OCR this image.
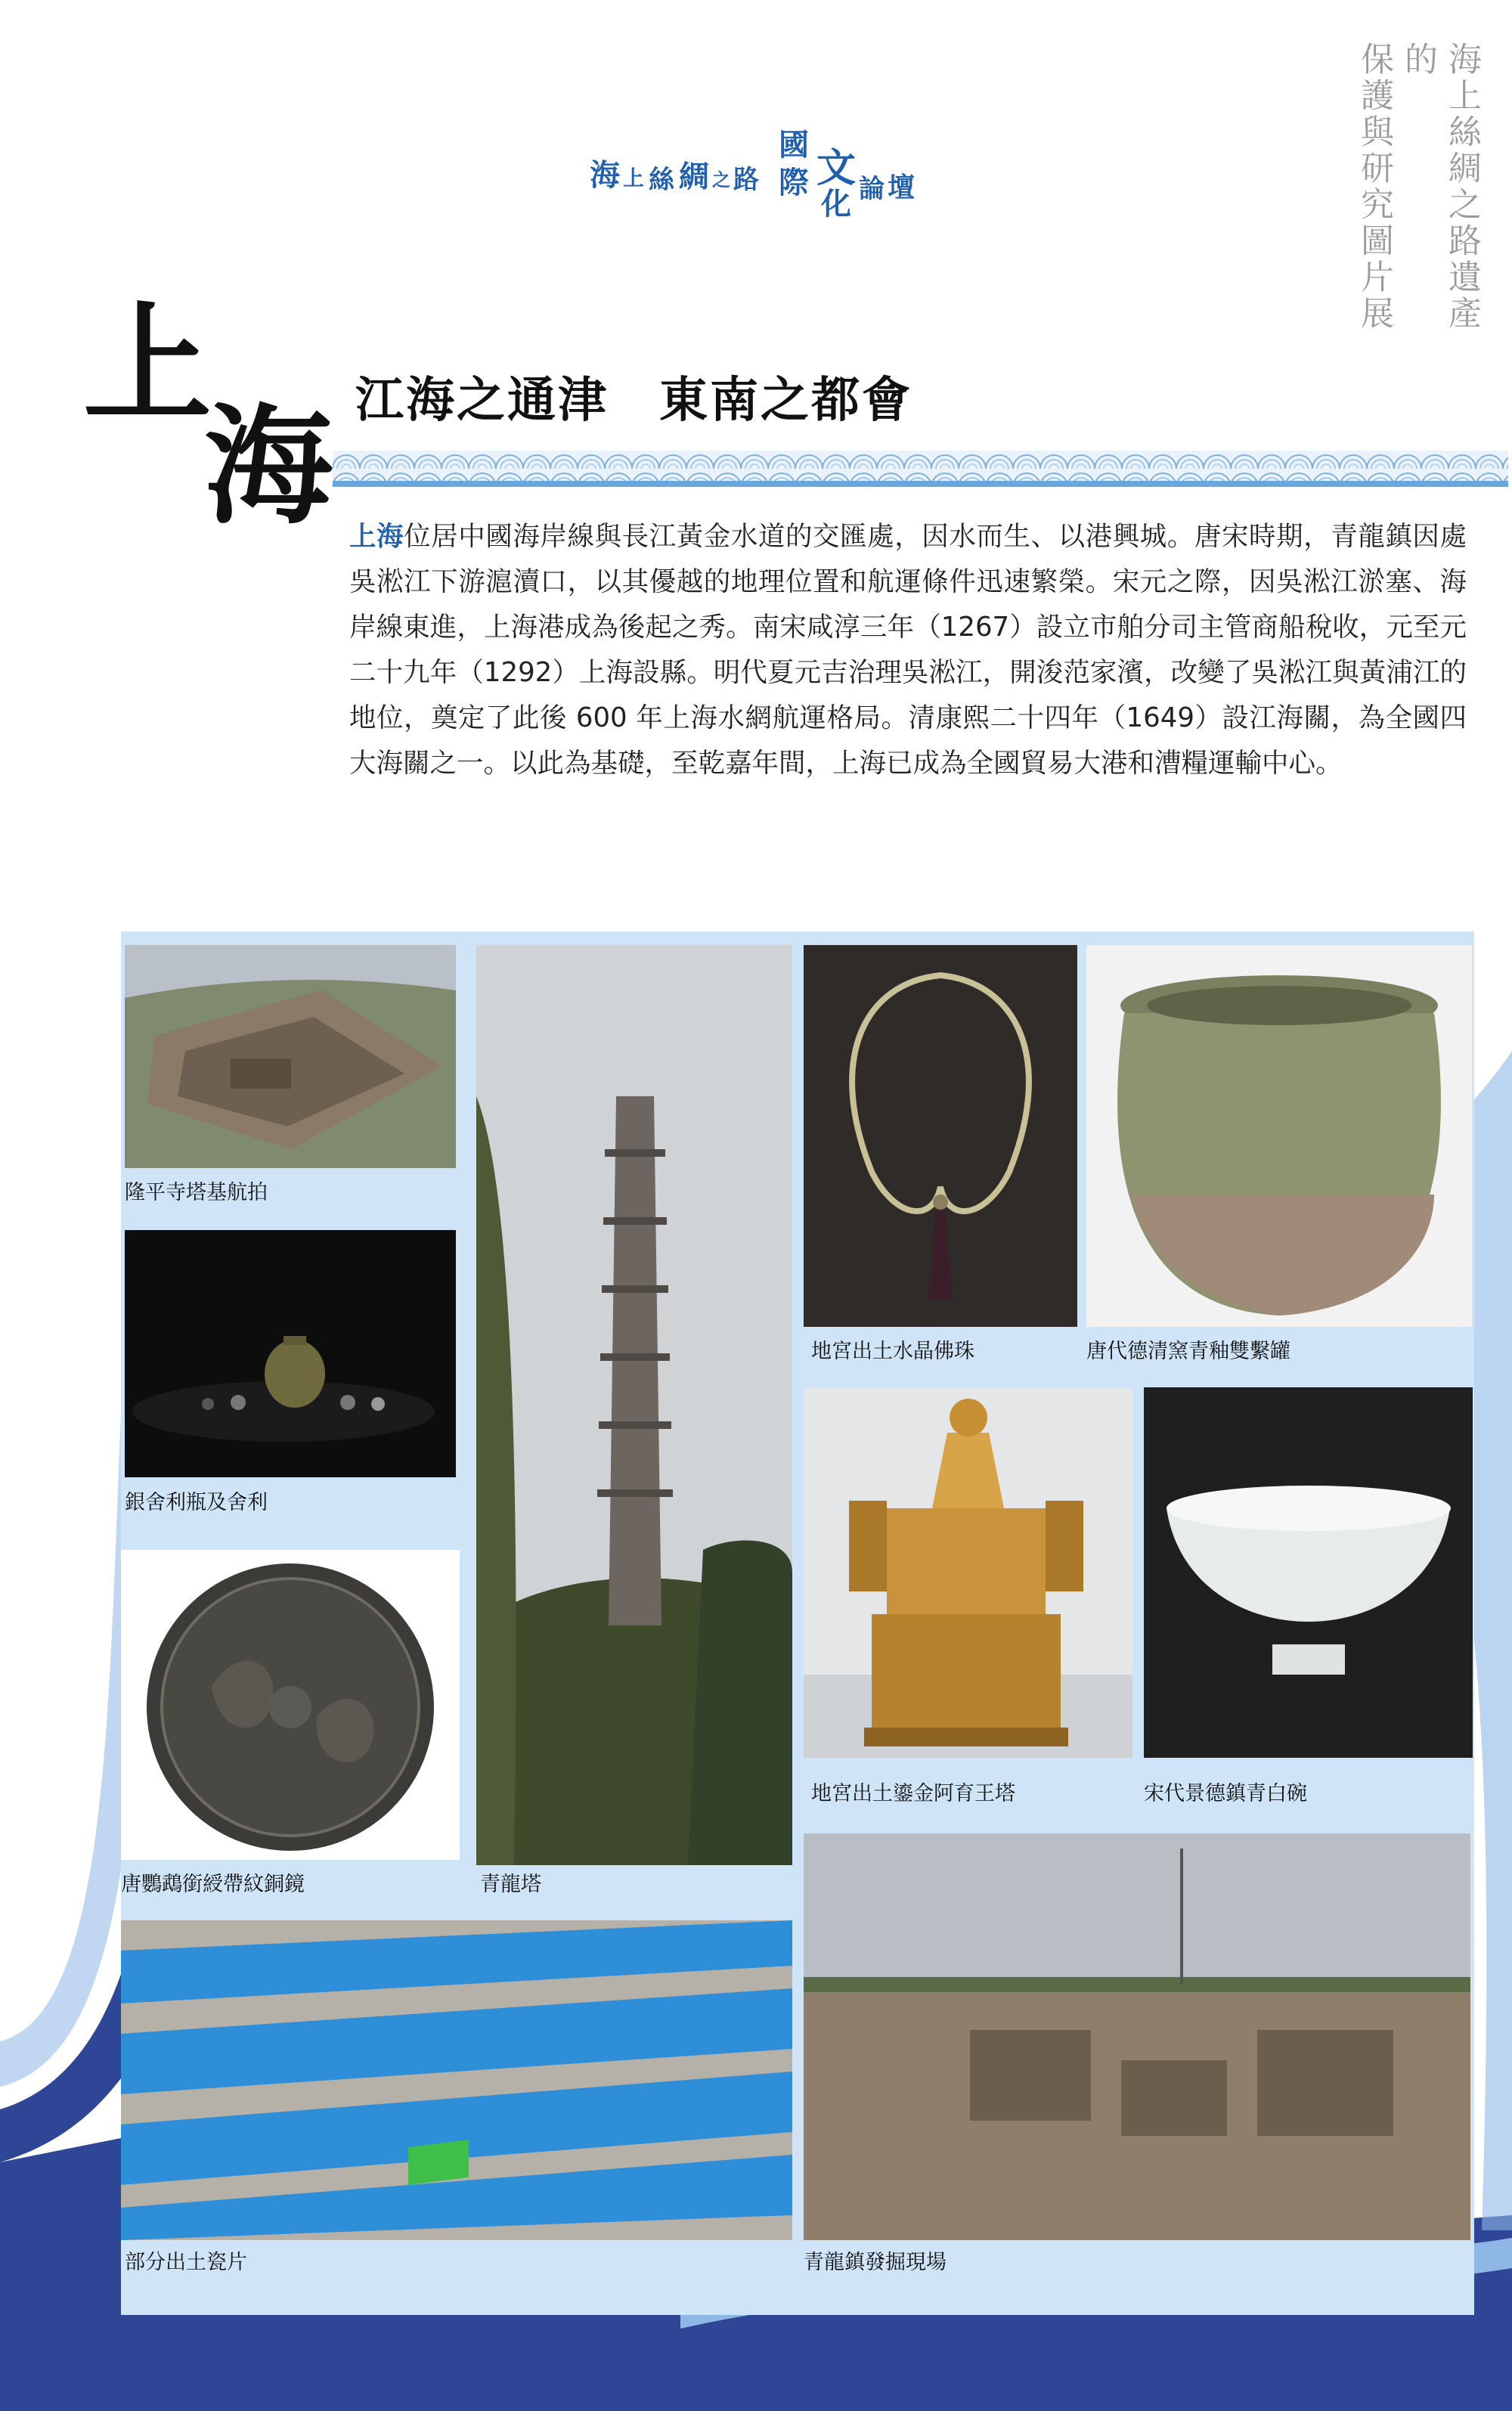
海上絲綢之路遺產的
保護與研究圖片展
海 上 絲 綢 之 路
國
際 文
化 論 壇
上
海 江海之通津　東南之都會
上海位居中國海岸線與長江黃金水道的交匯處，因水而生、以港興城。唐宋時期，青龍鎮因處吳淞江下游滬瀆口，以其優越的地理位置和航運條件迅速繁榮。宋元之際，因吳淞江淤塞、海岸線東進，上海港成為後起之秀。南宋咸淳三年（1267）設立市舶分司主管商船稅收，元至元二十九年（1292）上海設縣。明代夏元吉治理吳淞江，開浚范家濱，改變了吳淞江與黃浦江的地位，奠定了此後 600 年上海水網航運格局。清康熙二十四年（1649）設江海關，為全國四大海關之一。以此為基礎，至乾嘉年間，上海已成為全國貿易大港和漕糧運輸中心。
隆平寺塔基航拍
銀舍利瓶及舍利
唐鸚鵡銜綬帶紋銅鏡	青龍塔
地宮出土水晶佛珠	唐代德清窯青釉雙繫罐
地宮出土鎏金阿育王塔	宋代景德鎮青白碗
部分出土瓷片	青龍鎮發掘現場
